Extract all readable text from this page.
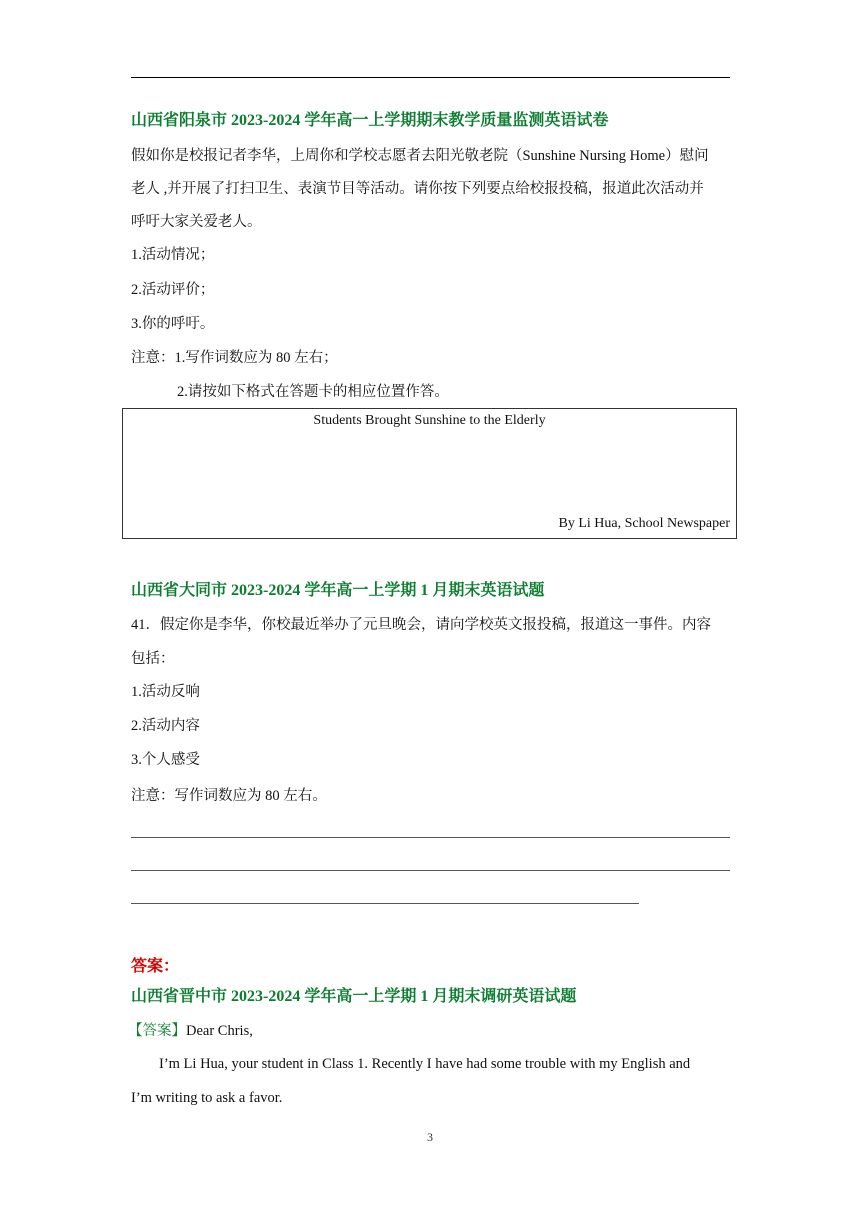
山西省阳泉市 2023-2024 学年高一上学期期末教学质量监测英语试卷
假如你是校报记者李华，上周你和学校志愿者去阳光敬老院（Sunshine Nursing Home）慰问
老人 ,并开展了打扫卫生、表演节目等活动。请你按下列要点给校报投稿，报道此次活动并
呼吁大家关爱老人。
1.活动情况；
2.活动评价；
3.你的呼吁。
注意：1.写作词数应为 80 左右；
2.请按如下格式在答题卡的相应位置作答。
Students Brought Sunshine to the Elderly
By Li Hua, School Newspaper
山西省大同市 2023-2024 学年高一上学期 1 月期末英语试题
41．假定你是李华，你校最近举办了元旦晚会，请向学校英文报投稿，报道这一事件。内容
包括：
1.活动反响
2.活动内容
3.个人感受
注意：写作词数应为 80 左右。
答案：
山西省晋中市 2023-2024 学年高一上学期 1 月期末调研英语试题
【答案】Dear Chris,
I’m Li Hua, your student in Class 1. Recently I have had some trouble with my English and
I’m writing to ask a favor.
3
